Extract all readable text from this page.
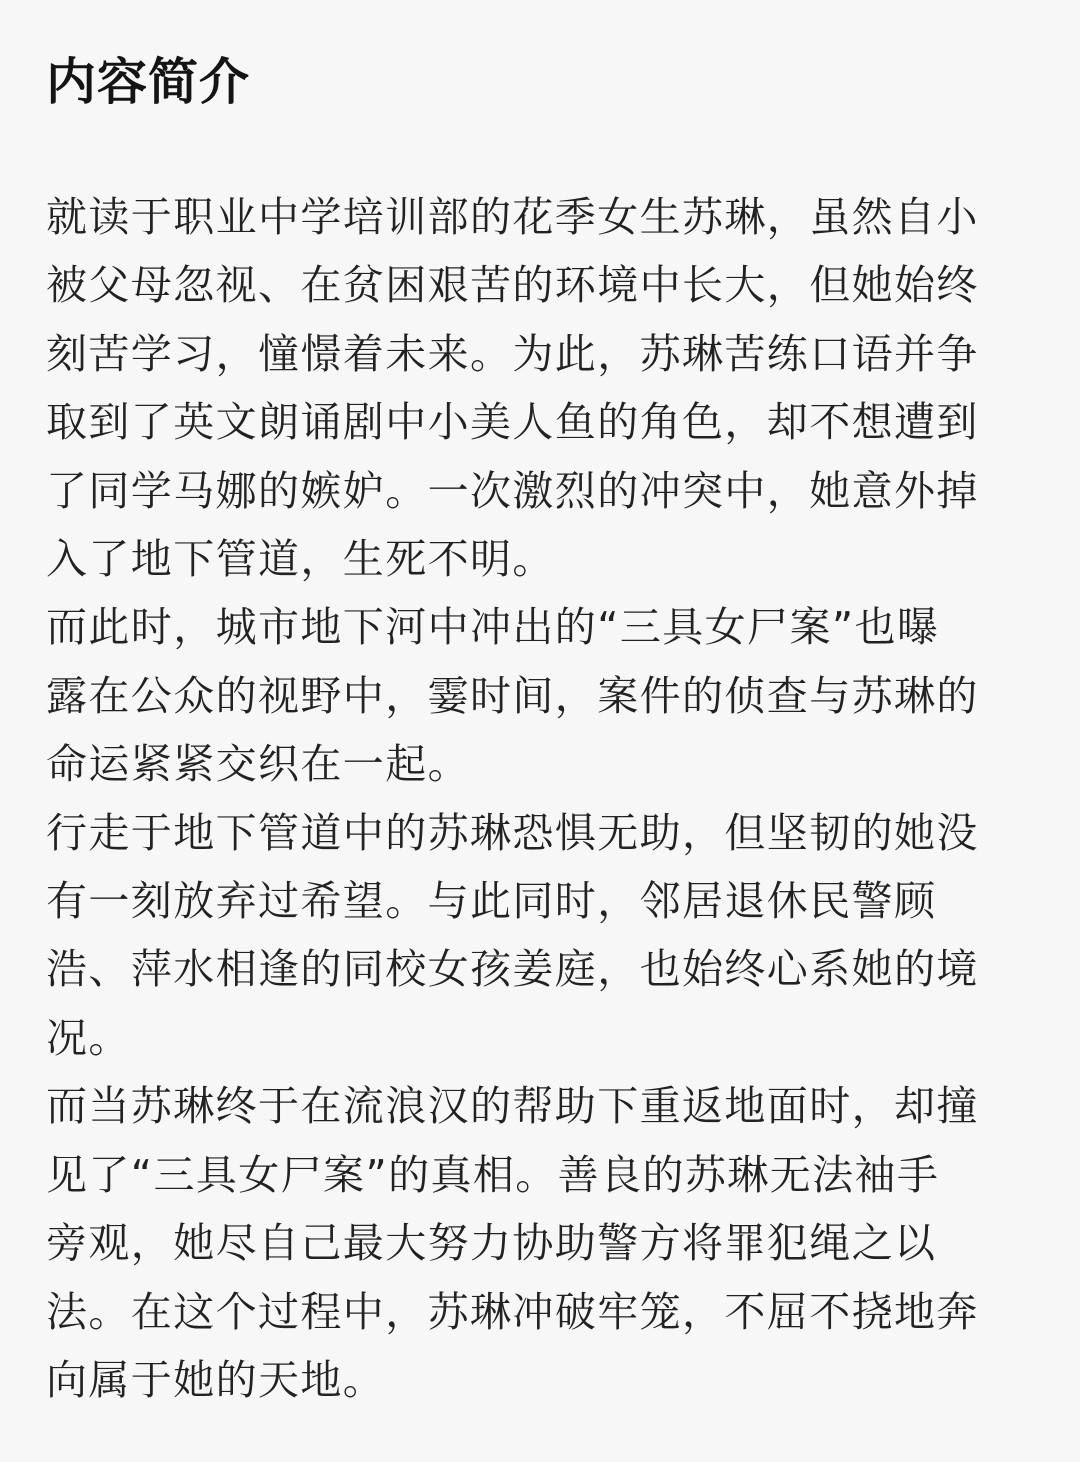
内容简介

就读于职业中学培训部的花季女生苏琳，虽然自小
被父母忽视、在贫困艰苦的环境中长大，但她始终
刻苦学习，憧憬着未来。为此，苏琳苦练口语并争
取到了英文朗诵剧中小美人鱼的角色，却不想遭到
了同学马娜的嫉妒。一次激烈的冲突中，她意外掉
入了地下管道，生死不明。

而此时，城市地下河中冲出的“三具女尸案”也曝
露在公众的视野中，霎时间，案件的侦查与苏琳的
命运紧紧交织在一起。

行走于地下管道中的苏琳恐惧无助，但坚韧的她没
有一刻放弃过希望。与此同时，邻居退休民警顾
浩、萍水相逢的同校女孩姜庭，也始终心系她的境
况。

而当苏琳终于在流浪汉的帮助下重返地面时，却撞
见了“三具女尸案”的真相。善良的苏琳无法袖手
旁观，她尽自己最大努力协助警方将罪犯绳之以
法。在这个过程中，苏琳冲破牢笼，不屈不挠地奔
向属于她的天地。
